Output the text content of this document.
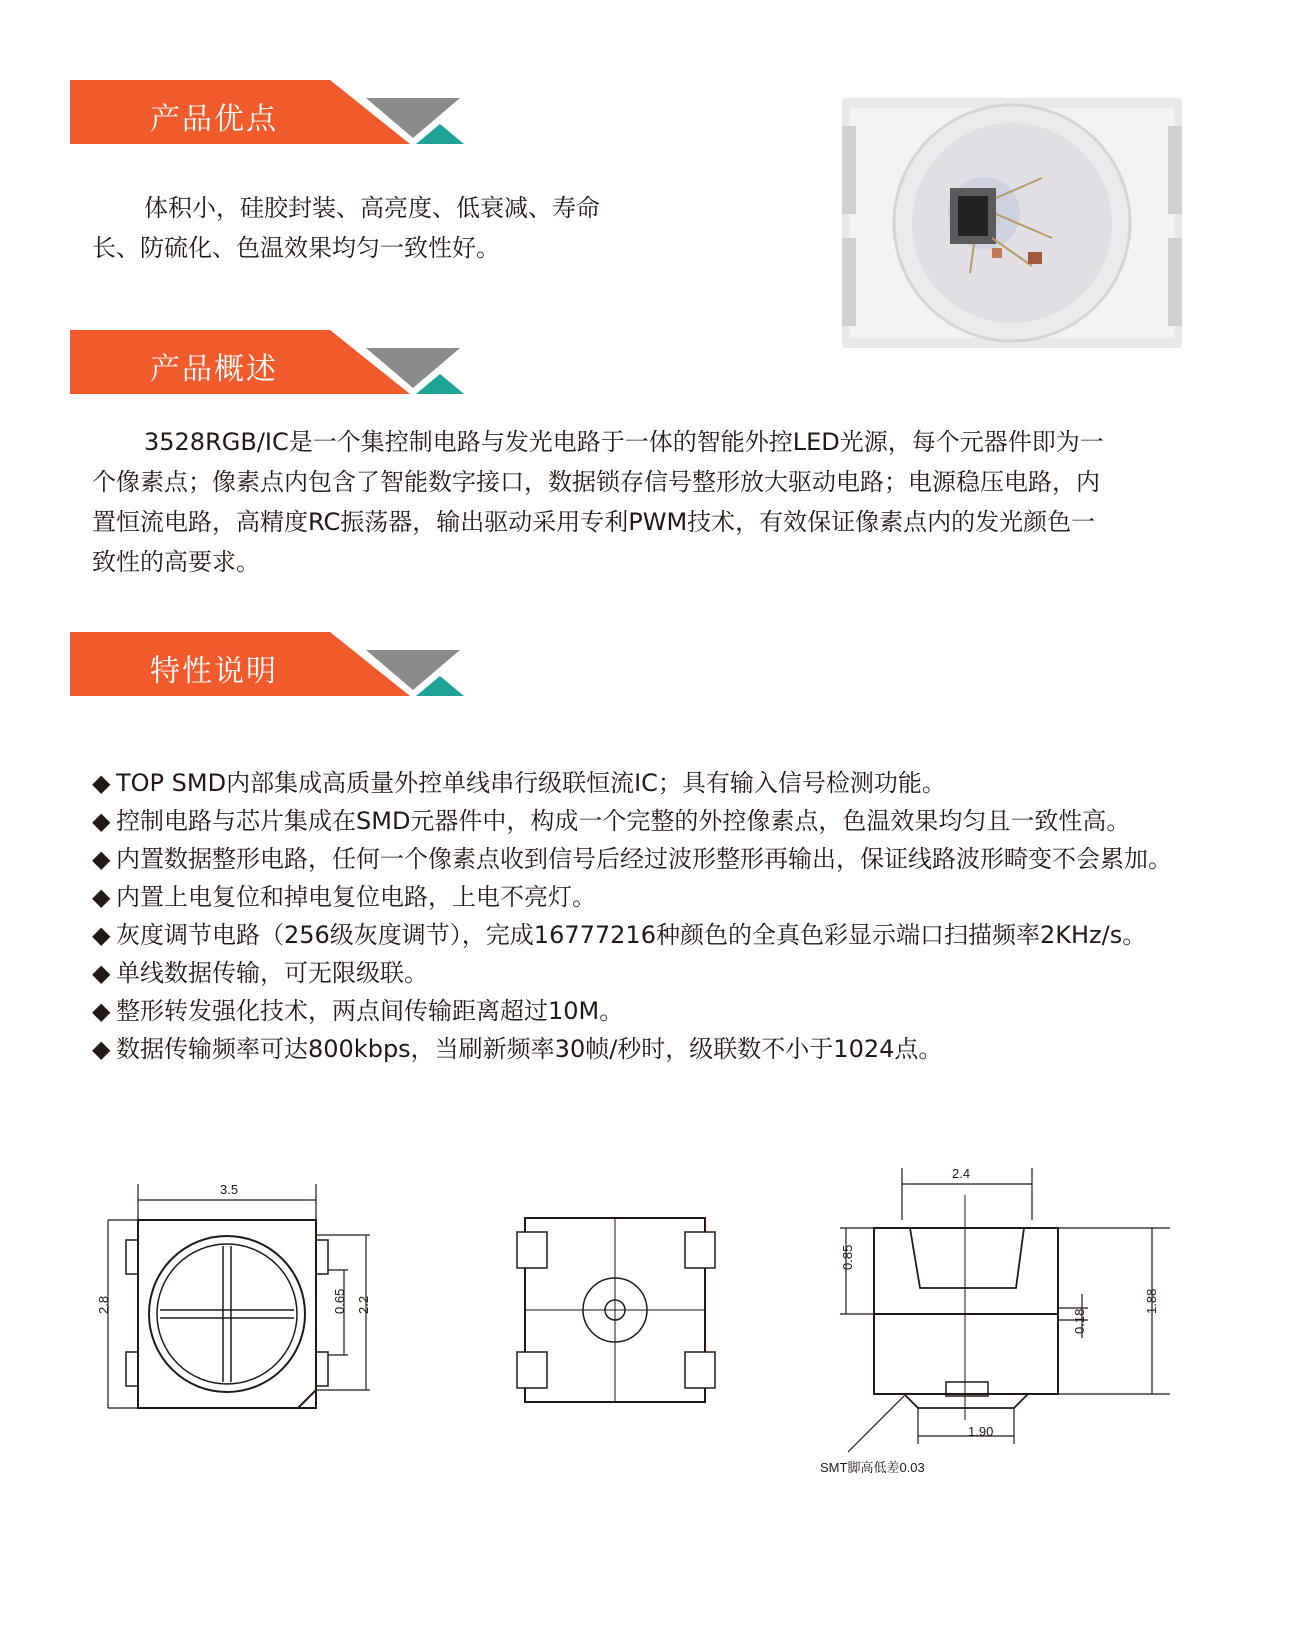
产品优点
体积小，硅胶封装、高亮度、低衰减、寿命
长、防硫化、色温效果均匀一致性好。
产品概述
3528RGB/IC是一个集控制电路与发光电路于一体的智能外控LED光源，每个元器件即为一
个像素点；像素点内包含了智能数字接口，数据锁存信号整形放大驱动电路；电源稳压电路，内
置恒流电路，高精度RC振荡器，输出驱动采用专利PWM技术，有效保证像素点内的发光颜色一
致性的高要求。
特性说明
◆ TOP SMD内部集成高质量外控单线串行级联恒流IC；具有输入信号检测功能。
◆ 控制电路与芯片集成在SMD元器件中，构成一个完整的外控像素点，色温效果均匀且一致性高。
◆ 内置数据整形电路，任何一个像素点收到信号后经过波形整形再输出，保证线路波形畸变不会累加。
◆ 内置上电复位和掉电复位电路，上电不亮灯。
◆ 灰度调节电路（256级灰度调节），完成16777216种颜色的全真色彩显示端口扫描频率2KHz/s。
◆ 单线数据传输，可无限级联。
◆ 整形转发强化技术，两点间传输距离超过10M。
◆ 数据传输频率可达800kbps，当刷新频率30帧/秒时，级联数不小于1024点。
3.5
2.8	0.65 2.2
2.4
0.85
1.88
0.18
1.90
SMT脚高低差0.03
